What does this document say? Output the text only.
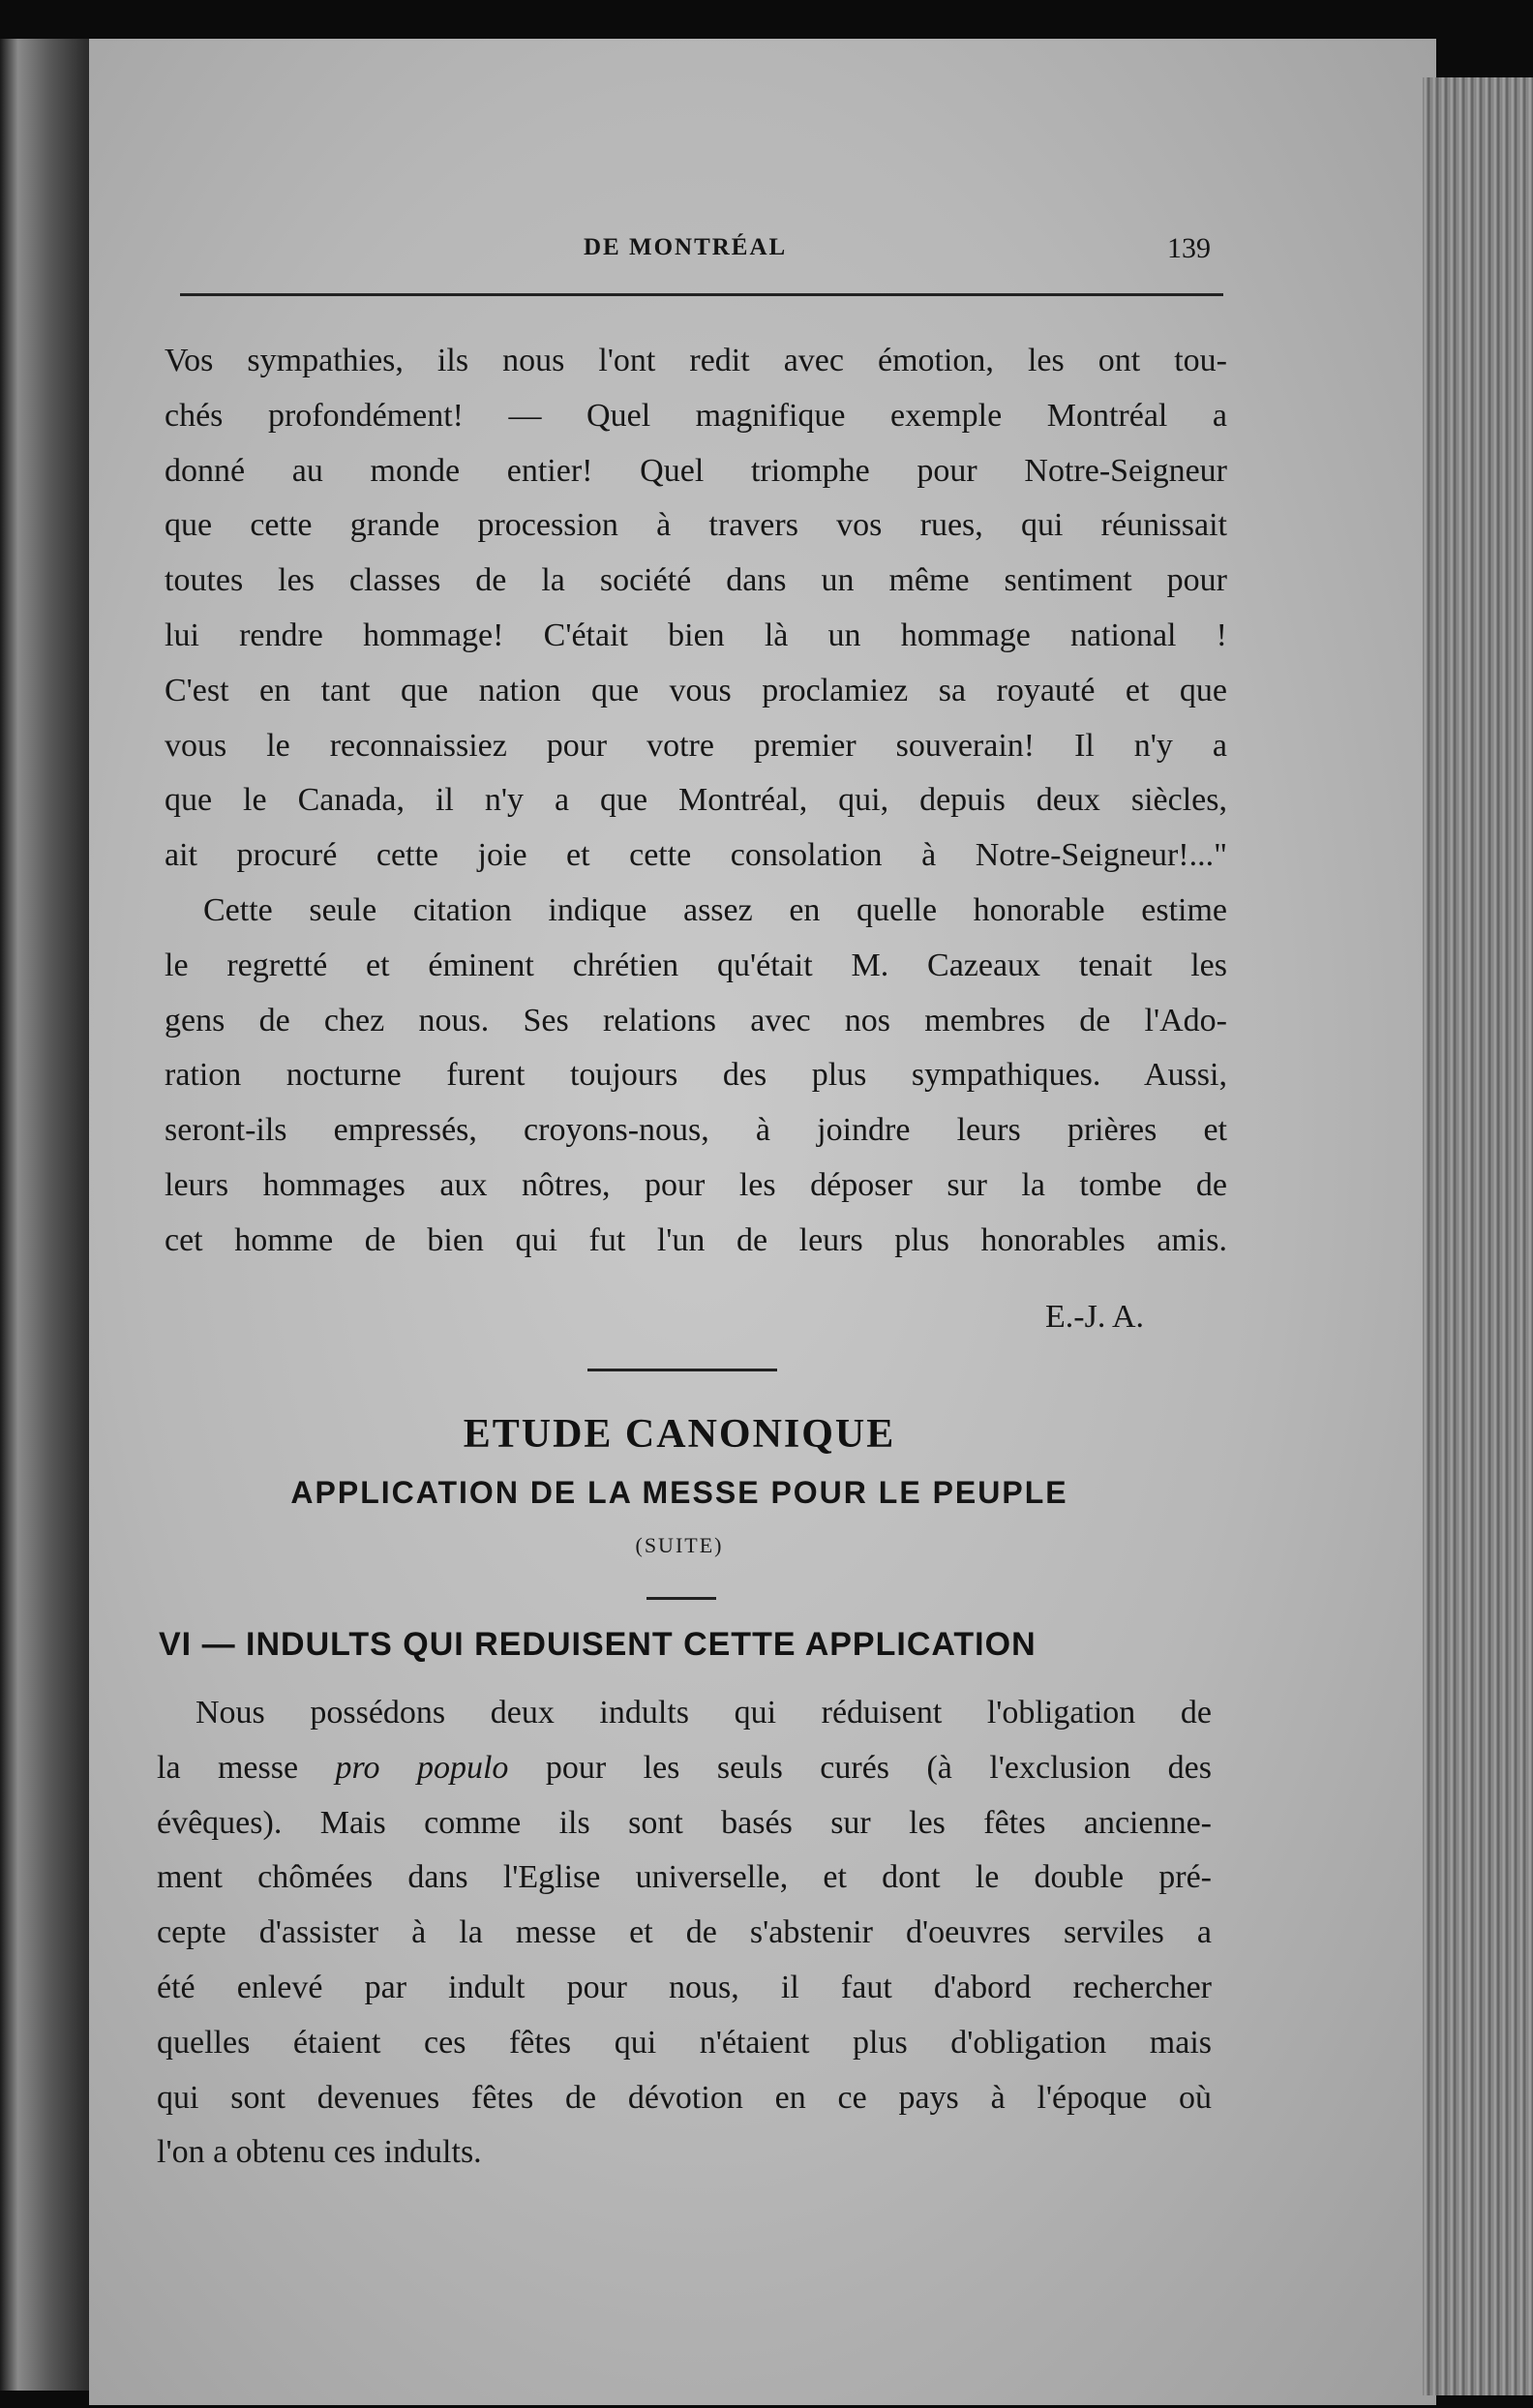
DE MONTRÉAL	139
Vos sympathies, ils nous l'ont redit avec émotion, les ont tou-
chés profondément! — Quel magnifique exemple Montréal a
donné au monde entier! Quel triomphe pour Notre-Seigneur
que cette grande procession à travers vos rues, qui réunissait
toutes les classes de la société dans un même sentiment pour
lui rendre hommage! C'était bien là un hommage national !
C'est en tant que nation que vous proclamiez sa royauté et que
vous le reconnaissiez pour votre premier souverain! Il n'y a
que le Canada, il n'y a que Montréal, qui, depuis deux siècles,
ait procuré cette joie et cette consolation à Notre-Seigneur!..."
Cette seule citation indique assez en quelle honorable estime
le regretté et éminent chrétien qu'était M. Cazeaux tenait les
gens de chez nous. Ses relations avec nos membres de l'Ado-
ration nocturne furent toujours des plus sympathiques. Aussi,
seront-ils empressés, croyons-nous, à joindre leurs prières et
leurs hommages aux nôtres, pour les déposer sur la tombe de
cet homme de bien qui fut l'un de leurs plus honorables amis.
E.-J. A.
ETUDE CANONIQUE
APPLICATION DE LA MESSE POUR LE PEUPLE
(SUITE)
VI — INDULTS QUI REDUISENT CETTE APPLICATION
Nous possédons deux indults qui réduisent l'obligation de
la messe pro populo pour les seuls curés (à l'exclusion des
évêques). Mais comme ils sont basés sur les fêtes ancienne-
ment chômées dans l'Eglise universelle, et dont le double pré-
cepte d'assister à la messe et de s'abstenir d'oeuvres serviles a
été enlevé par indult pour nous, il faut d'abord rechercher
quelles étaient ces fêtes qui n'étaient plus d'obligation mais
qui sont devenues fêtes de dévotion en ce pays à l'époque où
l'on a obtenu ces indults.
